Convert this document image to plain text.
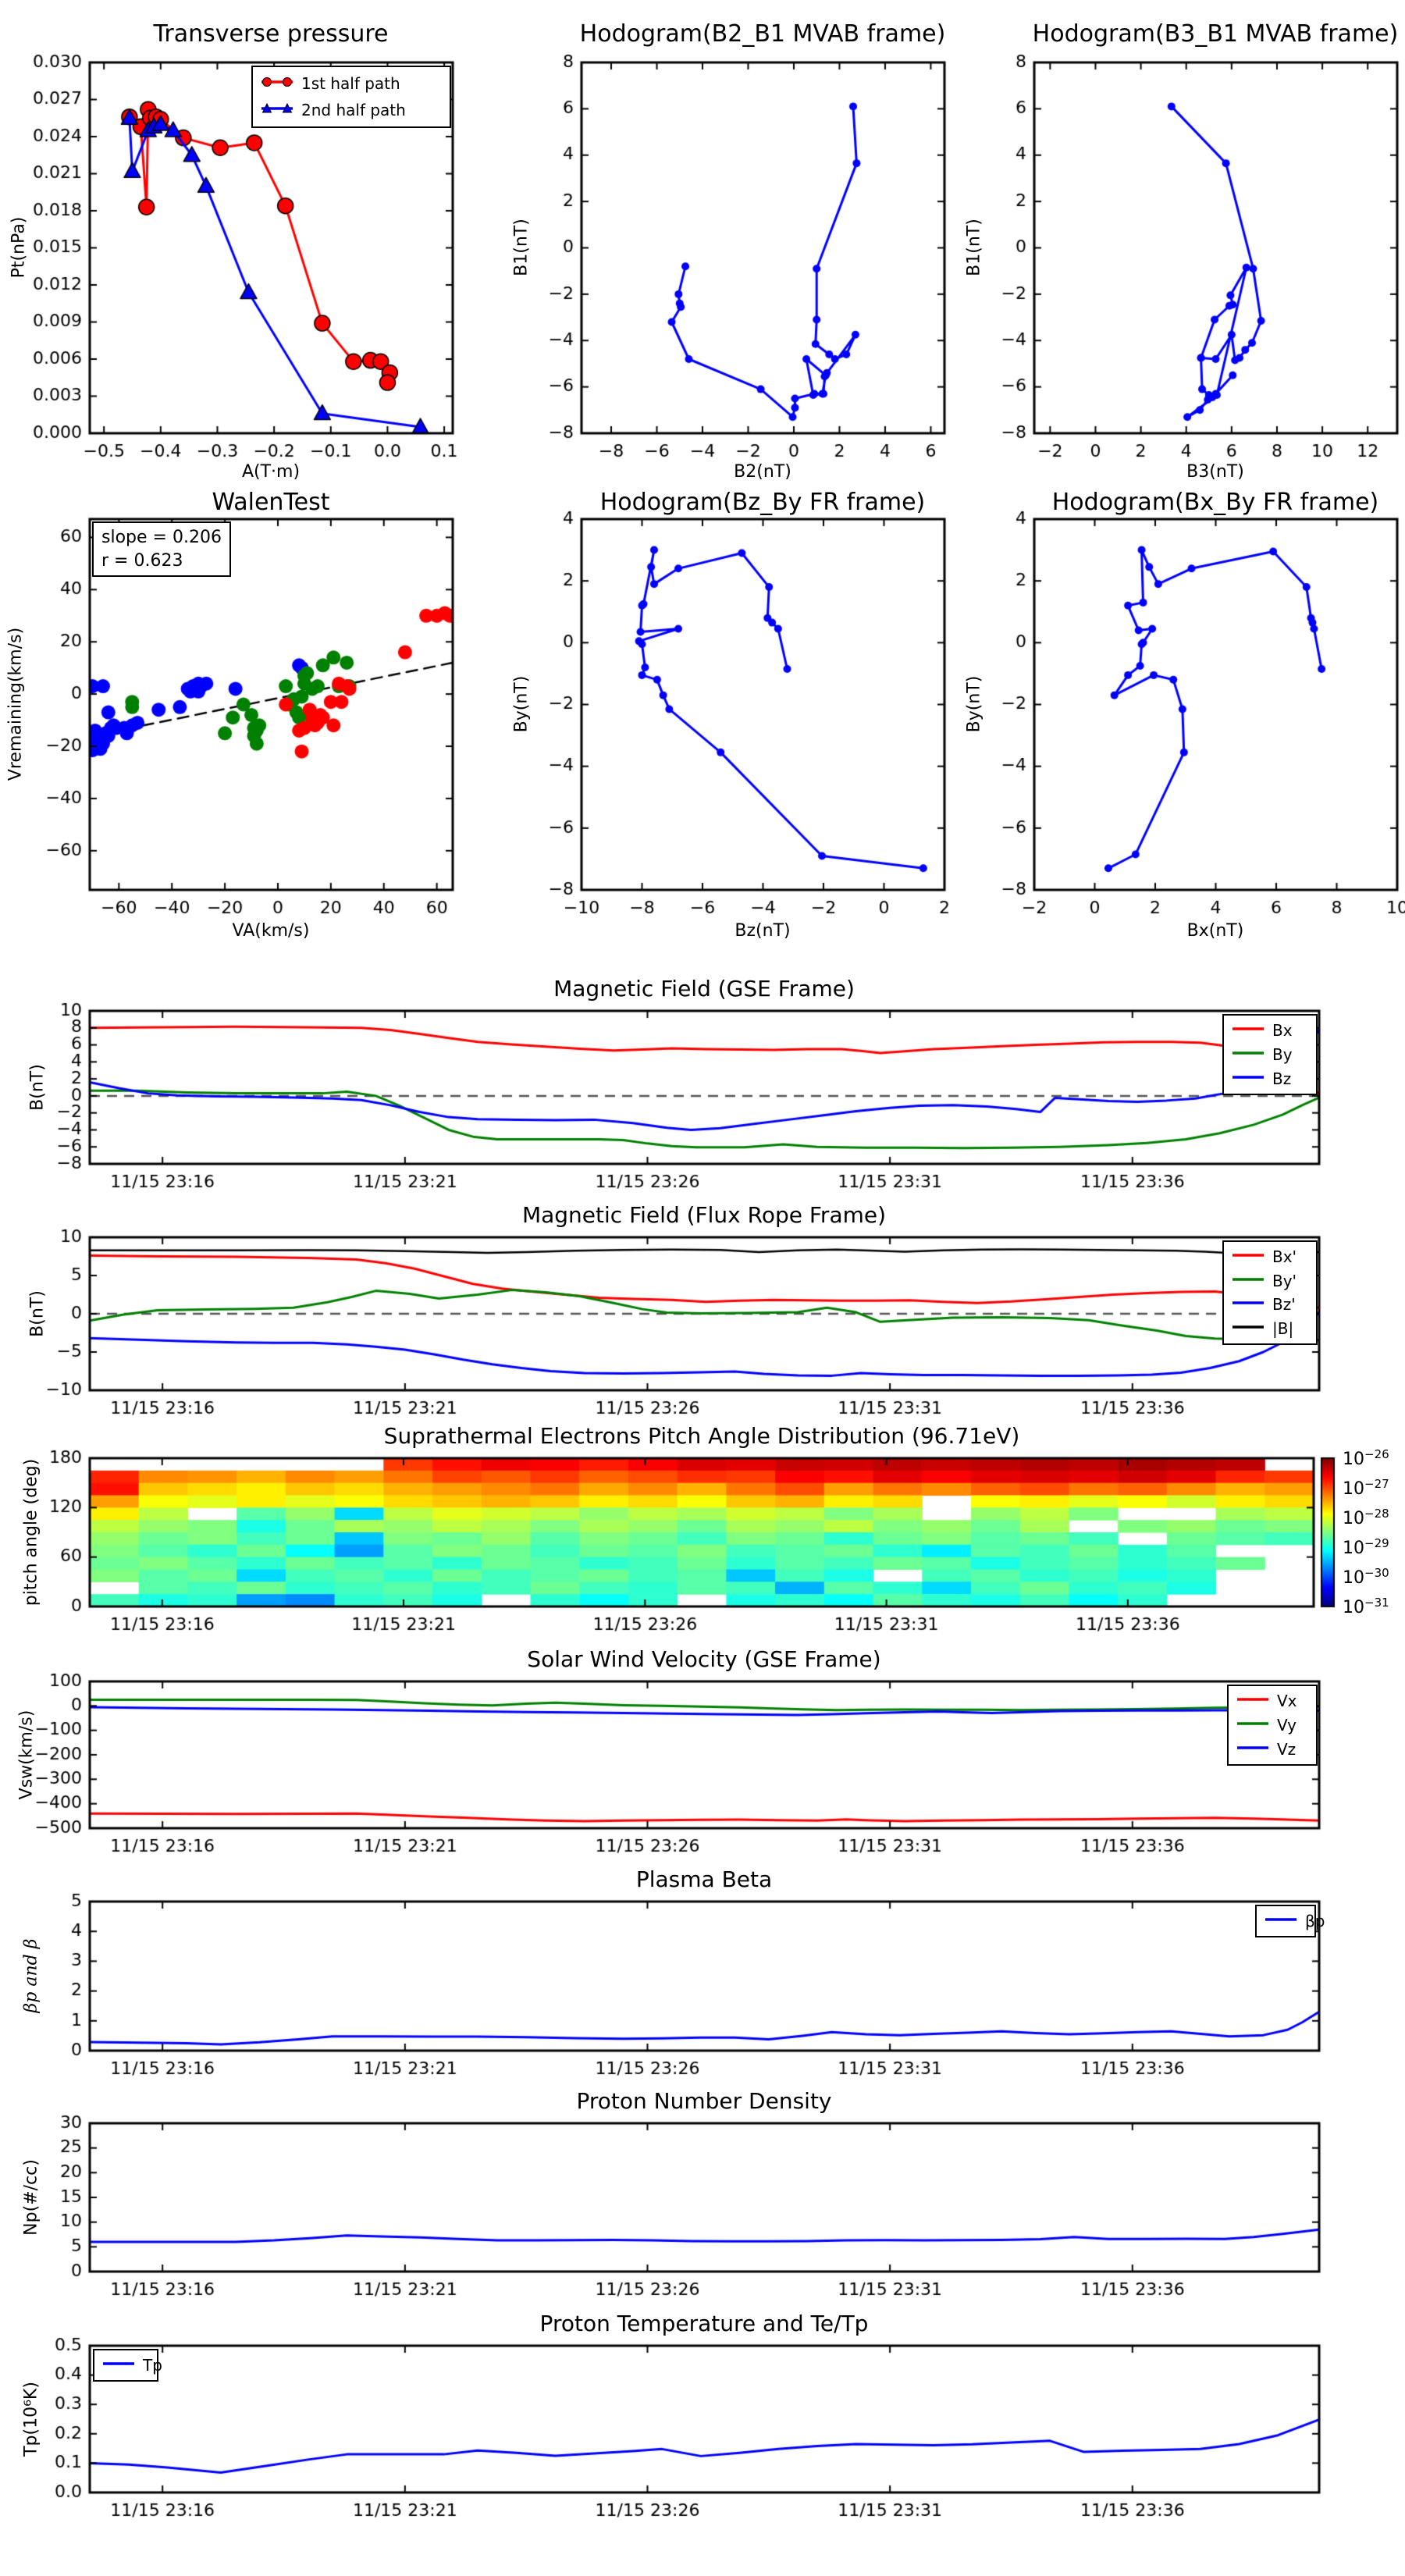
Transverse pressure	Hodogram(B2_B1 MVAB frame)	Hodogram(B3_B1 MVAB frame)
WalenTest	Hodogram(Bz_By FR frame)	Hodogram(Bx_By FR frame)
Magnetic Field (GSE Frame)
Magnetic Field (Flux Rope Frame)
Suprathermal Electrons Pitch Angle Distribution (96.71eV)
Solar Wind Velocity (GSE Frame)
Plasma Beta
Proton Number Density
Proton Temperature and Te/Tp
A(T·m)	B2(nT)	B3(nT)
VA(km/s)	Bz(nT)	Bx(nT)
Pt(nPa)	B1(nT)	B1(nT)
Vremaining(km/s)	By(nT)	By(nT)
B(nT)
B(nT)
pitch angle (deg)
Vsw(km/s)
βp and β
Np(#/cc)
Tp(10⁶K)
slope = 0.206
r = 0.623
$10^{-26}$
$10^{-27}$
$10^{-28}$
$10^{-29}$
$10^{-30}$
$10^{-31}$
1st half path
2nd half path
Bx
By
Bz
Bx'
By'
Bz'
|B|
Vx
Vy
Vz
βp
Tp
